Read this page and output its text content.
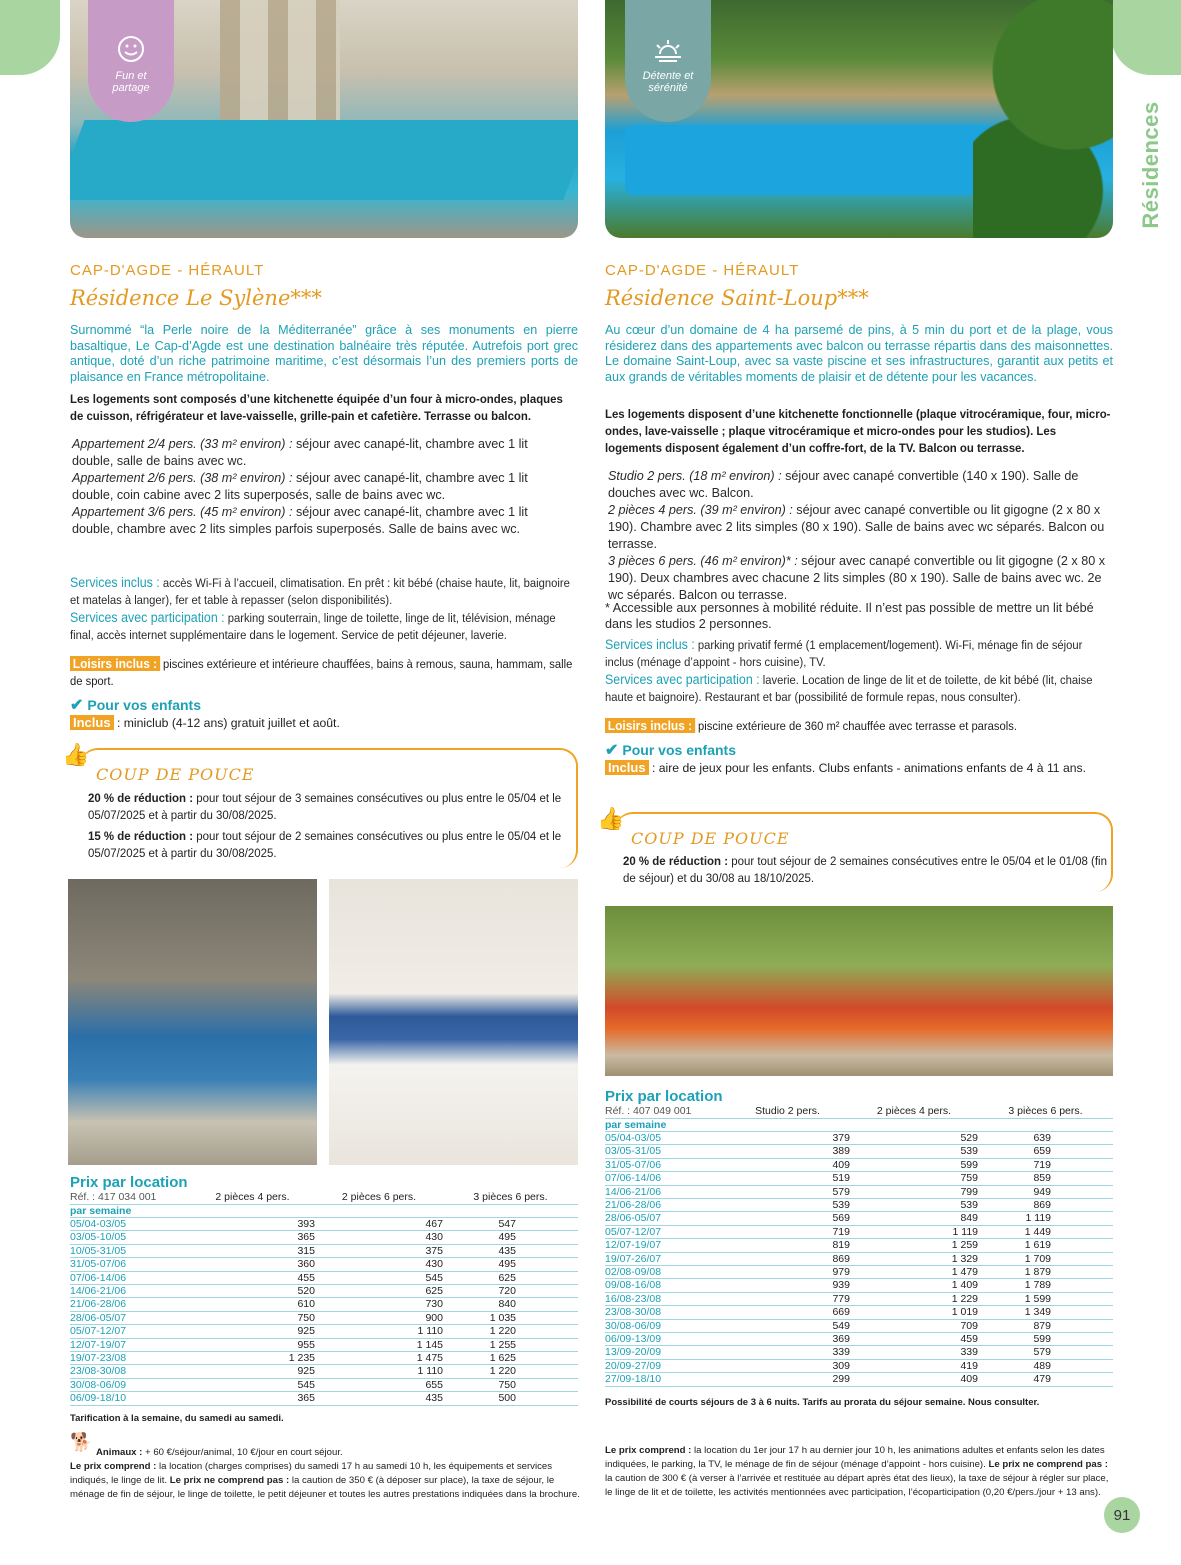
Résidences
Fun et partage
CAP-D'AGDE - HÉRAULT
Résidence Le Sylène***
Surnommé “la Perle noire de la Méditerranée” grâce à ses monuments en pierre basaltique, Le Cap-d’Agde est une destination balnéaire très réputée. Autrefois port grec antique, doté d’un riche patrimoine maritime, c’est désormais l’un des premiers ports de plaisance en France métropolitaine.
Les logements sont composés d’une kitchenette équipée d’un four à micro-ondes, plaques de cuisson, réfrigérateur et lave-vaisselle, grille-pain et cafetière. Terrasse ou balcon.
Appartement 2/4 pers. (33 m² environ) : séjour avec canapé-lit, chambre avec 1 lit double, salle de bains avec wc.
Appartement 2/6 pers. (38 m² environ) : séjour avec canapé-lit, chambre avec 1 lit double, coin cabine avec 2 lits superposés, salle de bains avec wc.
Appartement 3/6 pers. (45 m² environ) : séjour avec canapé-lit, chambre avec 1 lit double, chambre avec 2 lits simples parfois superposés. Salle de bains avec wc.
Services inclus : accès Wi-Fi à l’accueil, climatisation. En prêt : kit bébé (chaise haute, lit, baignoire et matelas à langer), fer et table à repasser (selon disponibilités).
Services avec participation : parking souterrain, linge de toilette, linge de lit, télévision, ménage final, accès internet supplémentaire dans le logement. Service de petit déjeuner, laverie.
Loisirs inclus : piscines extérieure et intérieure chauffées, bains à remous, sauna, hammam, salle de sport.
✔ Pour vos enfants
Inclus : miniclub (4-12 ans) gratuit juillet et août.
👍
COUP DE POUCE
20 % de réduction : pour tout séjour de 3 semaines consécutives ou plus entre le 05/04 et le 05/07/2025 et à partir du 30/08/2025.
15 % de réduction : pour tout séjour de 2 semaines consécutives ou plus entre le 05/04 et le 05/07/2025 et à partir du 30/08/2025.
Prix par location
Réf. : 417 034 001	2 pièces 4 pers.	2 pièces 6 pers.	3 pièces 6 pers.
par semaine			
05/04-03/05	393	467	547
03/05-10/05	365	430	495
10/05-31/05	315	375	435
31/05-07/06	360	430	495
07/06-14/06	455	545	625
14/06-21/06	520	625	720
21/06-28/06	610	730	840
28/06-05/07	750	900	1 035
05/07-12/07	925	1 110	1 220
12/07-19/07	955	1 145	1 255
19/07-23/08	1 235	1 475	1 625
23/08-30/08	925	1 110	1 220
30/08-06/09	545	655	750
06/09-18/10	365	435	500
Tarification à la semaine, du samedi au samedi.
🐕
Animaux : + 60 €/séjour/animal, 10 €/jour en court séjour.
Le prix comprend : la location (charges comprises) du samedi 17 h au samedi 10 h, les équipements et services indiqués, le linge de lit. Le prix ne comprend pas : la caution de 350 € (à déposer sur place), la taxe de séjour, le ménage de fin de séjour, le linge de toilette, le petit déjeuner et toutes les autres prestations indiquées dans la brochure.
Détente et sérénité
CAP-D'AGDE - HÉRAULT
Résidence Saint-Loup***
Au cœur d’un domaine de 4 ha parsemé de pins, à 5 min du port et de la plage, vous résiderez dans des appartements avec balcon ou terrasse répartis dans des maisonnettes. Le domaine Saint-Loup, avec sa vaste piscine et ses infrastructures, garantit aux petits et aux grands de véritables moments de plaisir et de détente pour les vacances.
Les logements disposent d’une kitchenette fonctionnelle (plaque vitrocéramique, four, micro-ondes, lave-vaisselle ; plaque vitrocéramique et micro-ondes pour les studios). Les logements disposent également d’un coffre-fort, de la TV. Balcon ou terrasse.
Studio 2 pers. (18 m² environ) : séjour avec canapé convertible (140 x 190). Salle de douches avec wc. Balcon.
2 pièces 4 pers. (39 m² environ) : séjour avec canapé convertible ou lit gigogne (2 x 80 x 190). Chambre avec 2 lits simples (80 x 190). Salle de bains avec wc séparés. Balcon ou terrasse.
3 pièces 6 pers. (46 m² environ)* : séjour avec canapé convertible ou lit gigogne (2 x 80 x 190). Deux chambres avec chacune 2 lits simples (80 x 190). Salle de bains avec wc. 2e wc séparés. Balcon ou terrasse.
* Accessible aux personnes à mobilité réduite. Il n’est pas possible de mettre un lit bébé dans les studios 2 personnes.
Services inclus : parking privatif fermé (1 emplacement/logement). Wi-Fi, ménage fin de séjour inclus (ménage d’appoint - hors cuisine), TV.
Services avec participation : laverie. Location de linge de lit et de toilette, de kit bébé (lit, chaise haute et baignoire). Restaurant et bar (possibilité de formule repas, nous consulter).
Loisirs inclus : piscine extérieure de 360 m² chauffée avec terrasse et parasols.
✔ Pour vos enfants
Inclus : aire de jeux pour les enfants. Clubs enfants - animations enfants de 4 à 11 ans.
👍
COUP DE POUCE
20 % de réduction : pour tout séjour de 2 semaines consécutives entre le 05/04 et le 01/08 (fin de séjour) et du 30/08 au 18/10/2025.
Prix par location
Réf. : 407 049 001	Studio 2 pers.	2 pièces 4 pers.	3 pièces 6 pers.
par semaine			
05/04-03/05	379	529	639
03/05-31/05	389	539	659
31/05-07/06	409	599	719
07/06-14/06	519	759	859
14/06-21/06	579	799	949
21/06-28/06	539	539	869
28/06-05/07	569	849	1 119
05/07-12/07	719	1 119	1 449
12/07-19/07	819	1 259	1 619
19/07-26/07	869	1 329	1 709
02/08-09/08	979	1 479	1 879
09/08-16/08	939	1 409	1 789
16/08-23/08	779	1 229	1 599
23/08-30/08	669	1 019	1 349
30/08-06/09	549	709	879
06/09-13/09	369	459	599
13/09-20/09	339	339	579
20/09-27/09	309	419	489
27/09-18/10	299	409	479
Possibilité de courts séjours de 3 à 6 nuits. Tarifs au prorata du séjour semaine. Nous consulter.
Le prix comprend : la location du 1er jour 17 h au dernier jour 10 h, les animations adultes et enfants selon les dates indiquées, le parking, la TV, le ménage de fin de séjour (ménage d’appoint - hors cuisine). Le prix ne comprend pas : la caution de 300 € (à verser à l’arrivée et restituée au départ après état des lieux), la taxe de séjour à régler sur place, le linge de lit et de toilette, les activités mentionnées avec participation, l’écoparticipation (0,20 €/pers./jour + 13 ans).
91
